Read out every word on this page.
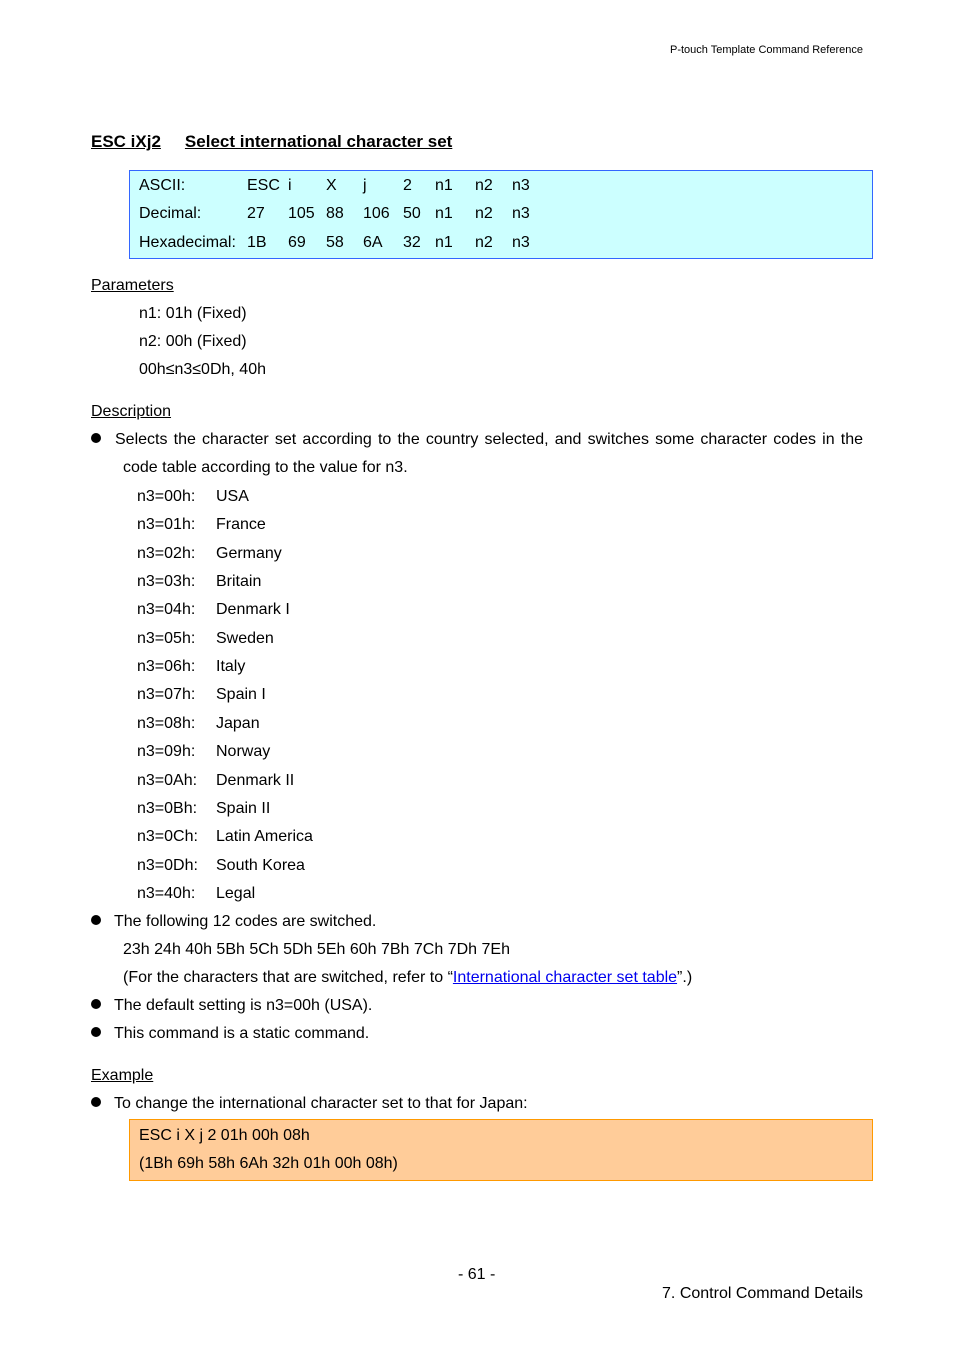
P-touch Template Command Reference
ESC iXj2 Select international character set
ASCII:	ESC i X j 2 n1 n2 n3
Decimal:	27 105 88 106 50 n1 n2 n3
Hexadecimal: 1B 69 58 6A 32 n1 n2 n3
Parameters
n1: 01h (Fixed)
n2: 00h (Fixed)
00h≤n3≤0Dh, 40h
Description
Selects the character set according to the country selected, and switches some character codes in the
code table according to the value for n3.
n3=00h: USA
n3=01h: France
n3=02h: Germany
n3=03h: Britain
n3=04h: Denmark I
n3=05h: Sweden
n3=06h: Italy
n3=07h: Spain I
n3=08h: Japan
n3=09h: Norway
n3=0Ah: Denmark II
n3=0Bh: Spain II
n3=0Ch: Latin America
n3=0Dh: South Korea
n3=40h: Legal
The following 12 codes are switched.
23h 24h 40h 5Bh 5Ch 5Dh 5Eh 60h 7Bh 7Ch 7Dh 7Eh
(For the characters that are switched, refer to “International character set table”.)
The default setting is n3=00h (USA).
This command is a static command.
Example
To change the international character set to that for Japan:
ESC i X j 2 01h 00h 08h
(1Bh 69h 58h 6Ah 32h 01h 00h 08h)
- 61 -
7. Control Command Details
